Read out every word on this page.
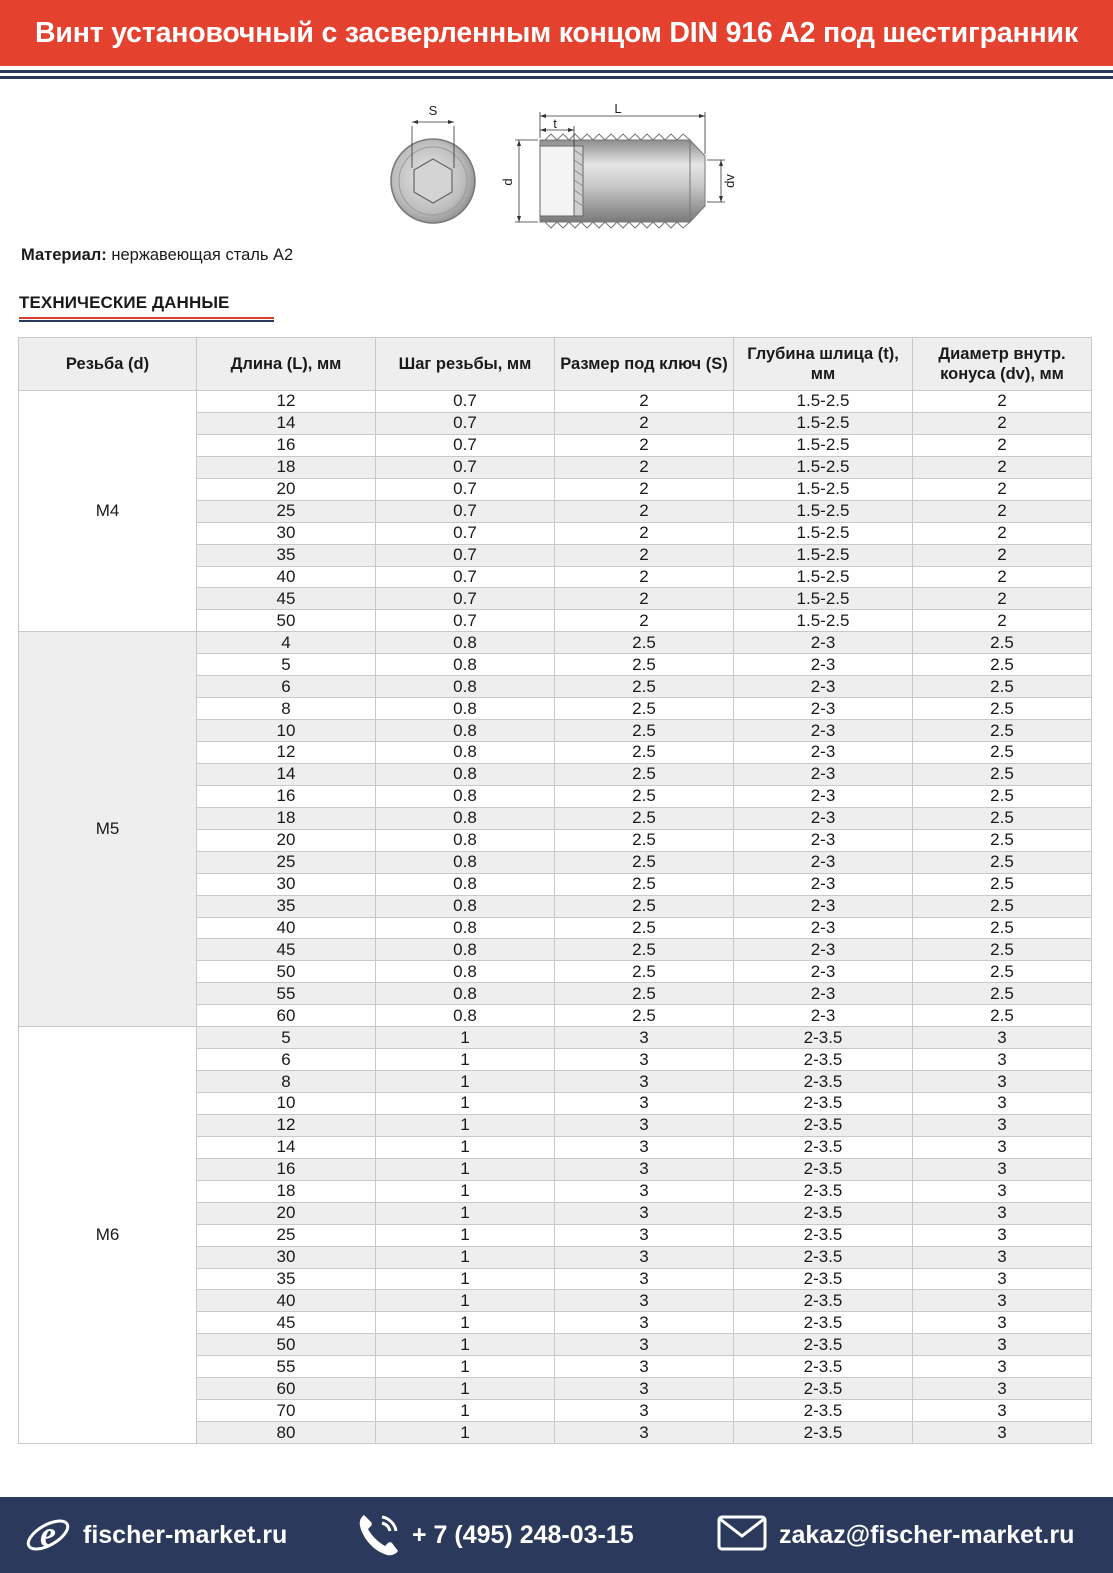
Винт установочный с засверленным концом DIN 916 A2 под шестигранник
S	L
t
d	dv
Материал: нержавеющая сталь А2
ТЕХНИЧЕСКИЕ ДАННЫЕ
Резьба (d)	Длина (L), мм	Шаг резьбы, мм	Размер под ключ (S)	Глубина шлица (t), мм	Диаметр внутр. конуса (dv), мм
М4	12	0.7	2	1.5-2.5	2
	14	0.7	2	1.5-2.5	2
	16	0.7	2	1.5-2.5	2
	18	0.7	2	1.5-2.5	2
	20	0.7	2	1.5-2.5	2
	25	0.7	2	1.5-2.5	2
	30	0.7	2	1.5-2.5	2
	35	0.7	2	1.5-2.5	2
	40	0.7	2	1.5-2.5	2
	45	0.7	2	1.5-2.5	2
	50	0.7	2	1.5-2.5	2
М5	4	0.8	2.5	2-3	2.5
	5	0.8	2.5	2-3	2.5
	6	0.8	2.5	2-3	2.5
	8	0.8	2.5	2-3	2.5
	10	0.8	2.5	2-3	2.5
	12	0.8	2.5	2-3	2.5
	14	0.8	2.5	2-3	2.5
	16	0.8	2.5	2-3	2.5
	18	0.8	2.5	2-3	2.5
	20	0.8	2.5	2-3	2.5
	25	0.8	2.5	2-3	2.5
	30	0.8	2.5	2-3	2.5
	35	0.8	2.5	2-3	2.5
	40	0.8	2.5	2-3	2.5
	45	0.8	2.5	2-3	2.5
	50	0.8	2.5	2-3	2.5
	55	0.8	2.5	2-3	2.5
	60	0.8	2.5	2-3	2.5
М6	5	1	3	2-3.5	3
	6	1	3	2-3.5	3
	8	1	3	2-3.5	3
	10	1	3	2-3.5	3
	12	1	3	2-3.5	3
	14	1	3	2-3.5	3
	16	1	3	2-3.5	3
	18	1	3	2-3.5	3
	20	1	3	2-3.5	3
	25	1	3	2-3.5	3
	30	1	3	2-3.5	3
	35	1	3	2-3.5	3
	40	1	3	2-3.5	3
	45	1	3	2-3.5	3
	50	1	3	2-3.5	3
	55	1	3	2-3.5	3
	60	1	3	2-3.5	3
	70	1	3	2-3.5	3
	80	1	3	2-3.5	3
e fischer-market.ru	+ 7 (495) 248-03-15	zakaz@fischer-market.ru
